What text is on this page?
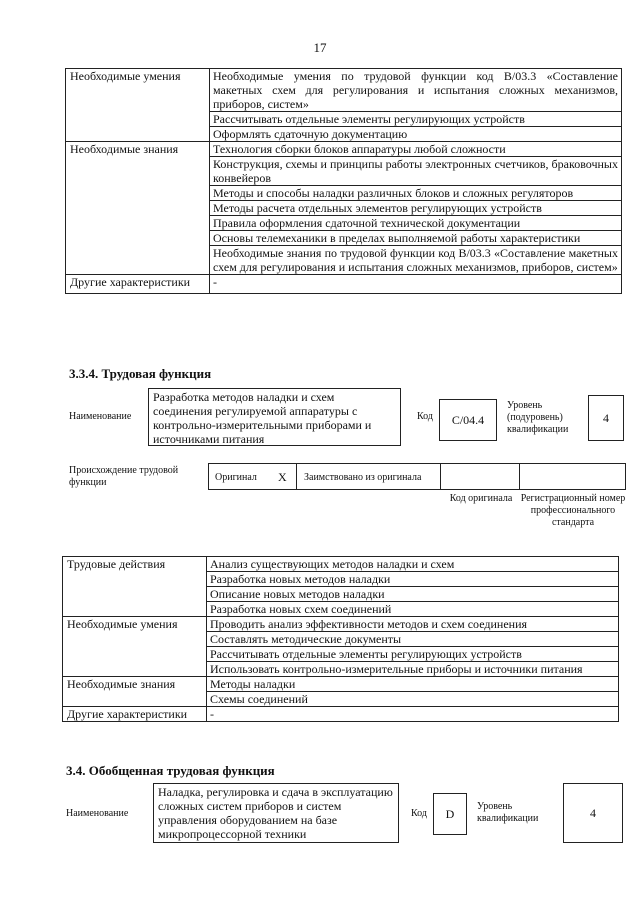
17
Необходимые умения	Необходимые умения по трудовой функции код В/03.3 «Составление макетных схем для регулирования и испытания сложных механизмов, приборов, систем»
	Рассчитывать отдельные элементы регулирующих устройств
	Оформлять сдаточную документацию
Необходимые знания	Технология сборки блоков аппаратуры любой сложности
	Конструкция, схемы и принципы работы электронных счетчиков, браковочных конвейеров
	Методы и способы наладки различных блоков и сложных регуляторов
	Методы расчета отдельных элементов регулирующих устройств
	Правила оформления сдаточной технической документации
	Основы телемеханики в пределах выполняемой работы характеристики
	Необходимые знания по трудовой функции код В/03.3 «Составление макетных схем для регулирования и испытания сложных механизмов, приборов, систем»
Другие характеристики	-
3.3.4. Трудовая функция
Наименование
Разработка методов наладки и схем соединения регулируемой аппаратуры с контрольно-измерительными приборами и источниками питания
Код С/04.4
Уровень (подуровень) квалификации
4
Происхождение трудовой функции	Оригинал X Заимствовано из оригинала
Код оригинала Регистрационный номер профессионального стандарта
Трудовые действия	Анализ существующих методов наладки и схем
	Разработка новых методов наладки
	Описание новых методов наладки
	Разработка новых схем соединений
Необходимые умения	Проводить анализ эффективности методов и схем соединения
	Составлять методические документы
	Рассчитывать отдельные элементы регулирующих устройств
	Использовать контрольно-измерительные приборы и источники питания
Необходимые знания	Методы наладки
	Схемы соединений
Другие характеристики	-
3.4. Обобщенная трудовая функция
Наименование
Наладка, регулировка и сдача в эксплуатацию сложных систем приборов и систем управления оборудованием на базе микропроцессорной техники
Код D Уровень квалификации	4
